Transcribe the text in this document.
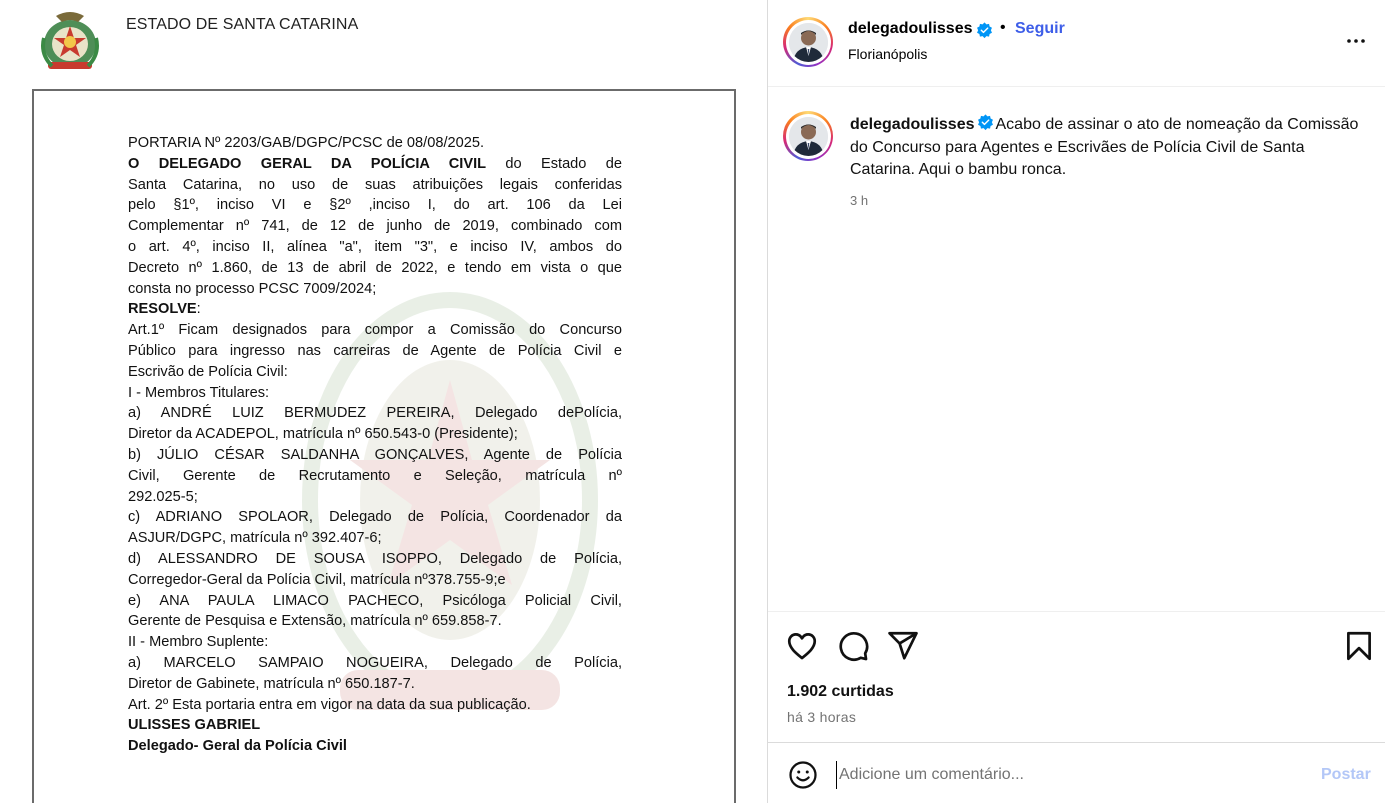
ESTADO DE SANTA CATARINA
PORTARIA Nº 2203/GAB/DGPC/PCSC de 08/08/2025.
O DELEGADO GERAL DA POLÍCIA CIVIL do Estado de
Santa Catarina, no uso de suas atribuições legais conferidas
pelo §1º, inciso VI e §2º ,inciso I, do art. 106 da Lei
Complementar nº 741, de 12 de junho de 2019, combinado com
o art. 4º, inciso II, alínea "a", item "3", e inciso IV, ambos do
Decreto nº 1.860, de 13 de abril de 2022, e tendo em vista o que
consta no processo PCSC 7009/2024;
RESOLVE:
Art.1º Ficam designados para compor a Comissão do Concurso
Público para ingresso nas carreiras de Agente de Polícia Civil e
Escrivão de Polícia Civil:
I - Membros Titulares:
a) ANDRÉ LUIZ BERMUDEZ PEREIRA, Delegado dePolícia,
Diretor da ACADEPOL, matrícula nº 650.543-0 (Presidente);
b) JÚLIO CÉSAR SALDANHA GONÇALVES, Agente de Polícia
Civil, Gerente de Recrutamento e Seleção, matrícula nº
292.025-5;
c) ADRIANO SPOLAOR, Delegado de Polícia, Coordenador da
ASJUR/DGPC, matrícula nº 392.407-6;
d) ALESSANDRO DE SOUSA ISOPPO, Delegado de Polícia,
Corregedor-Geral da Polícia Civil, matrícula nº378.755-9;e
e) ANA PAULA LIMACO PACHECO, Psicóloga Policial Civil,
Gerente de Pesquisa e Extensão, matrícula nº 659.858-7.
II - Membro Suplente:
a) MARCELO SAMPAIO NOGUEIRA, Delegado de Polícia,
Diretor de Gabinete, matrícula nº 650.187-7.
Art. 2º Esta portaria entra em vigor na data da sua publicação.
ULISSES GABRIEL
Delegado- Geral da Polícia Civil
delegadoulisses • Seguir
Florianópolis
delegadoulisses Acabo de assinar o ato de nomeação da Comissão do Concurso para Agentes e Escrivães de Polícia Civil de Santa Catarina. Aqui o bambu ronca.
3 h
1.902 curtidas
há 3 horas
Adicione um comentário...
Postar
